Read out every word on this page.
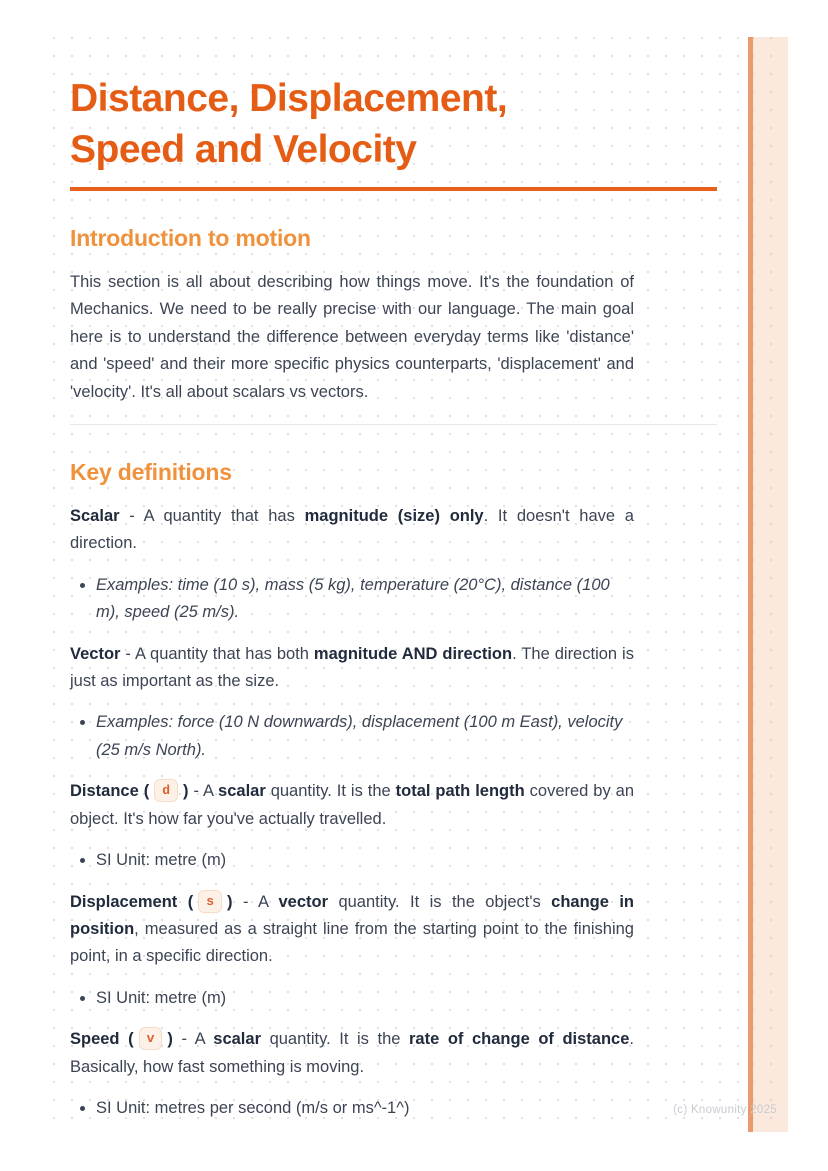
Distance, Displacement,
Speed and Velocity
Introduction to motion

This section is all about describing how things move. It's the foundation of Mechanics. We need to be really precise with our language. The main goal here is to understand the difference between everyday terms like 'distance' and 'speed' and their more specific physics counterparts, 'displacement' and 'velocity'. It's all about scalars vs vectors.

Key definitions

Scalar - A quantity that has magnitude (size) only. It doesn't have a direction.

• Examples: time (10 s), mass (5 kg), temperature (20°C), distance (100 m), speed (25 m/s).

Vector - A quantity that has both magnitude AND direction. The direction is just as important as the size.

• Examples: force (10 N downwards), displacement (100 m East), velocity (25 m/s North).

Distance ( d ) - A scalar quantity. It is the total path length covered by an object. It's how far you've actually travelled.

• SI Unit: metre (m)

Displacement ( s ) - A vector quantity. It is the object's change in position, measured as a straight line from the starting point to the finishing point, in a specific direction.

• SI Unit: metre (m)

Speed ( v ) - A scalar quantity. It is the rate of change of distance. Basically, how fast something is moving.

• SI Unit: metres per second (m/s or ms^-1^)	(c) Knowunity 2025
